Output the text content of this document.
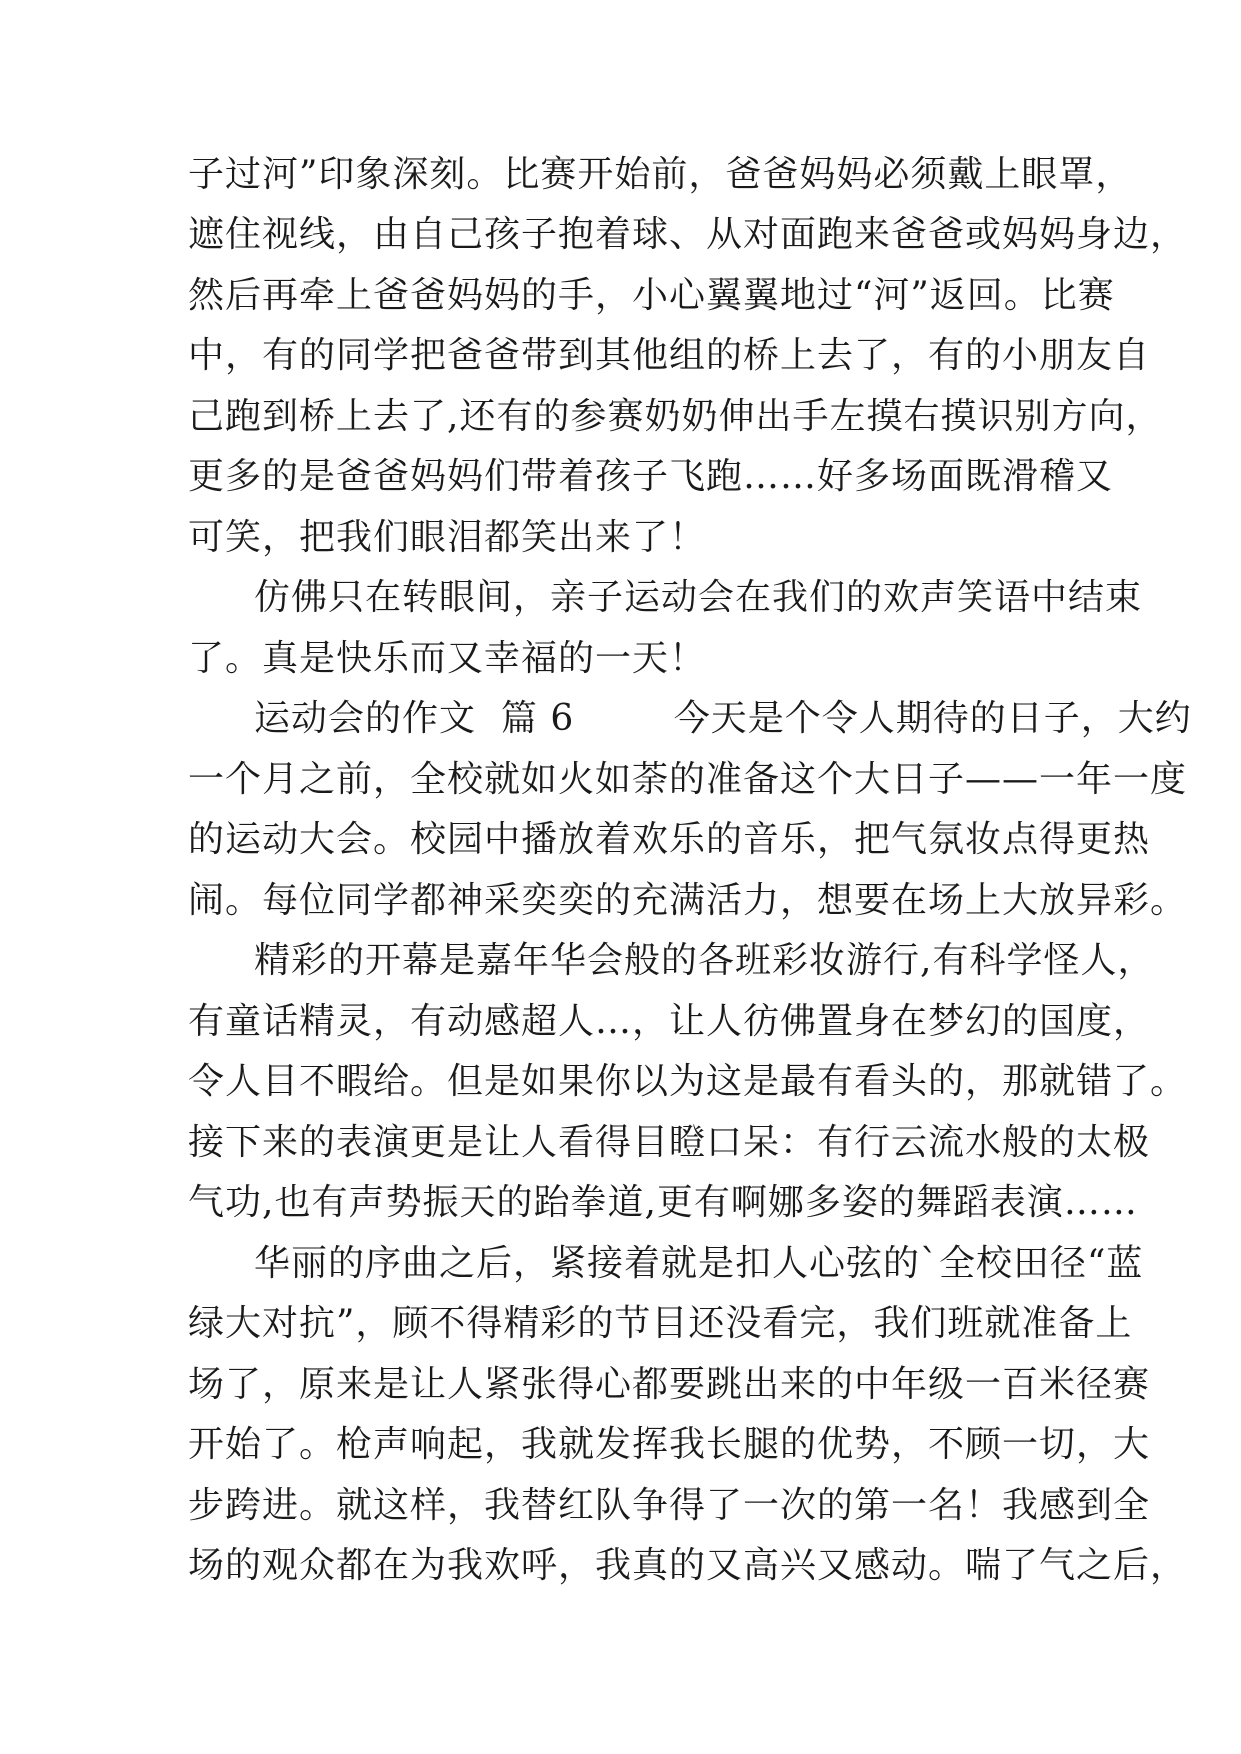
子过河”印象深刻。比赛开始前，爸爸妈妈必须戴上眼罩，
遮住视线，由自己孩子抱着球、从对面跑来爸爸或妈妈身边，
然后再牵上爸爸妈妈的手，小心翼翼地过“河”返回。比赛
中，有的同学把爸爸带到其他组的桥上去了，有的小朋友自
己跑到桥上去了,还有的参赛奶奶伸出手左摸右摸识别方向，
更多的是爸爸妈妈们带着孩子飞跑……好多场面既滑稽又
可笑，把我们眼泪都笑出来了！
仿佛只在转眼间，亲子运动会在我们的欢声笑语中结束
了。真是快乐而又幸福的一天！
运动会的作文  篇 6        今天是个令人期待的日子，大约
一个月之前，全校就如火如荼的准备这个大日子——一年一度
的运动大会。校园中播放着欢乐的音乐，把气氛妆点得更热
闹。每位同学都神采奕奕的充满活力，想要在场上大放异彩。
精彩的开幕是嘉年华会般的各班彩妆游行,有科学怪人，
有童话精灵，有动感超人…，让人彷佛置身在梦幻的国度，
令人目不暇给。但是如果你以为这是最有看头的，那就错了。
接下来的表演更是让人看得目瞪口呆：有行云流水般的太极
气功,也有声势振天的跆拳道,更有啊娜多姿的舞蹈表演……
华丽的序曲之后，紧接着就是扣人心弦的`全校田径“蓝
绿大对抗”，顾不得精彩的节目还没看完，我们班就准备上
场了，原来是让人紧张得心都要跳出来的中年级一百米径赛
开始了。枪声响起，我就发挥我长腿的优势，不顾一切，大
步跨进。就这样，我替红队争得了一次的第一名！我感到全
场的观众都在为我欢呼，我真的又高兴又感动。喘了气之后，
